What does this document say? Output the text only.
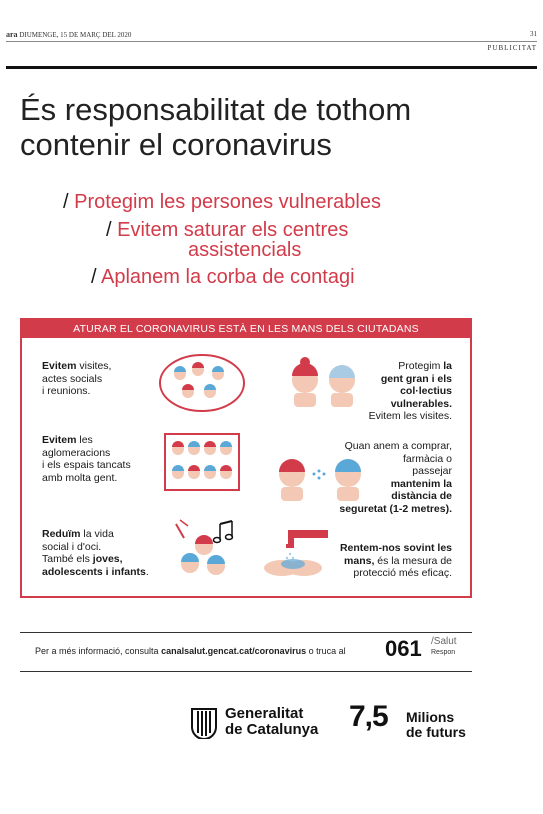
ara DIUMENGE, 15 DE MARÇ DEL 2020	31
PUBLICITAT
És responsabilitat de tothom
contenir el coronavirus
/ Protegim les persones vulnerables
/ Evitem saturar els centres
assistencials
/ Aplanem la corba de contagi
ATURAR EL CORONAVIRUS ESTÀ EN LES MANS DELS CIUTADANS
Evitem visites,
actes socials
i reunions.
Protegim la
gent gran i els
col·lectius
vulnerables.
Evitem les visites.
Evitem les
aglomeracions
i els espais tancats
amb molta gent.
Quan anem a comprar,
farmàcia o
passejar
mantenim la
distància de
seguretat (1-2 metres).
Reduïm la vida
social i d'oci.
També els joves,
adolescents i infants.
Rentem-nos sovint les
mans, és la mesura de
protecció més eficaç.
Per a més informació, consulta canalsalut.gencat.cat/coronavirus o truca al 061 /Salut
Respon
Generalitat
de Catalunya 7,5 Milions
de futurs
